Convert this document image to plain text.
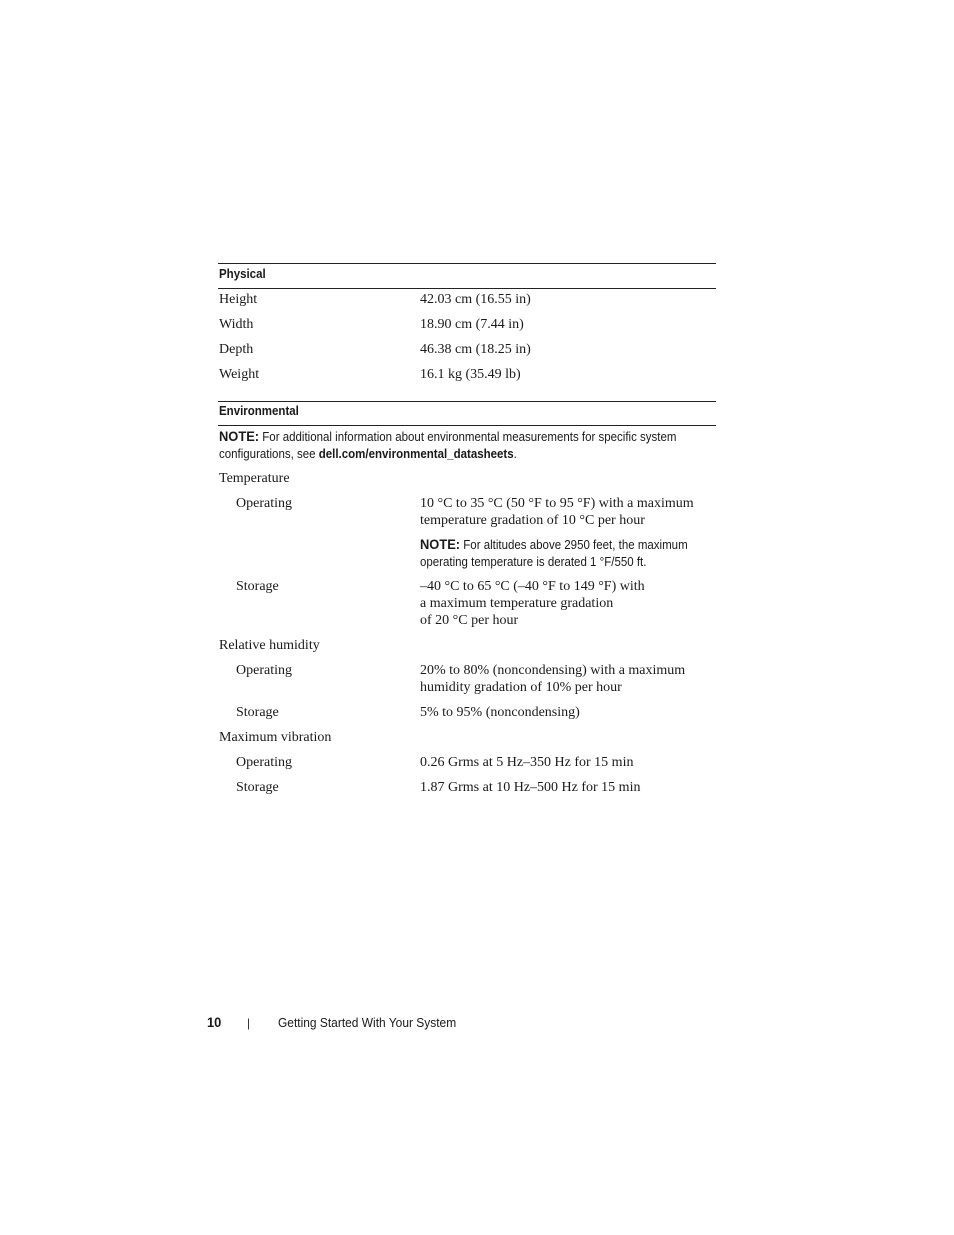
Physical
Height	42.03 cm (16.55 in)
Width	18.90 cm (7.44 in)
Depth	46.38 cm (18.25 in)
Weight	16.1 kg (35.49 lb)
Environmental
NOTE: For additional information about environmental measurements for specific system configurations, see dell.com/environmental_datasheets.
Temperature
Operating	10 °C to 35 °C (50 °F to 95 °F) with a maximum temperature gradation of 10 °C per hour
NOTE: For altitudes above 2950 feet, the maximum operating temperature is derated 1 °F/550 ft.
Storage	–40 °C to 65 °C (–40 °F to 149 °F) with
a maximum temperature gradation
of 20 °C per hour
Relative humidity
Operating	20% to 80% (noncondensing) with a maximum humidity gradation of 10% per hour
Storage	5% to 95% (noncondensing)
Maximum vibration
Operating	0.26 Grms at 5 Hz–350 Hz for 15 min
Storage	1.87 Grms at 10 Hz–500 Hz for 15 min
10 | Getting Started With Your System
